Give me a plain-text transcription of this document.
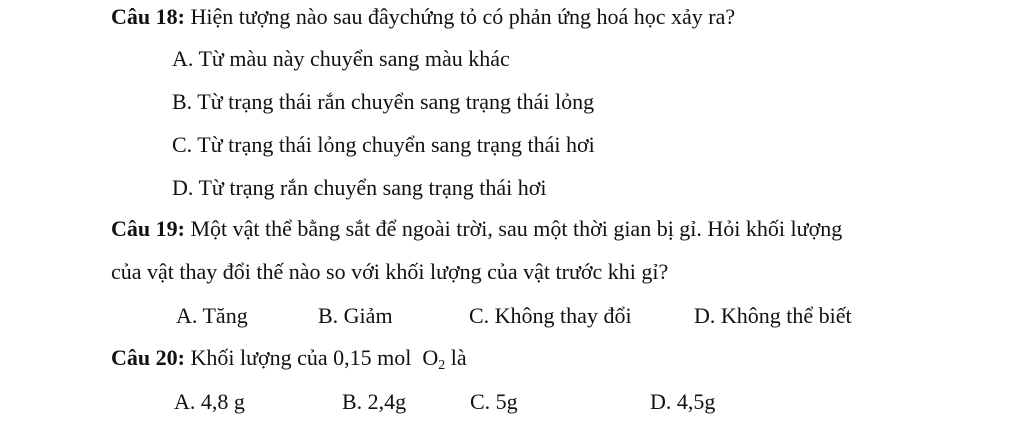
Câu 18: Hiện tượng nào sau đâychứng tỏ có phản ứng hoá học xảy ra?
A. Từ màu này chuyển sang màu khác
B. Từ trạng thái rắn chuyển sang trạng thái lỏng
C. Từ trạng thái lỏng chuyển sang trạng thái hơi
D. Từ trạng rắn chuyển sang trạng thái hơi
Câu 19: Một vật thể bằng sắt để ngoài trời, sau một thời gian bị gỉ. Hỏi khối lượng
của vật thay đổi thế nào so với khối lượng của vật trước khi gỉ?
A. Tăng	B. Giảm	C. Không thay đổi	D. Không thể biết
Câu 20: Khối lượng của 0,15 mol $O_2$ là
A. 4,8 g	B. 2,4g	C. 5g	D. 4,5g
